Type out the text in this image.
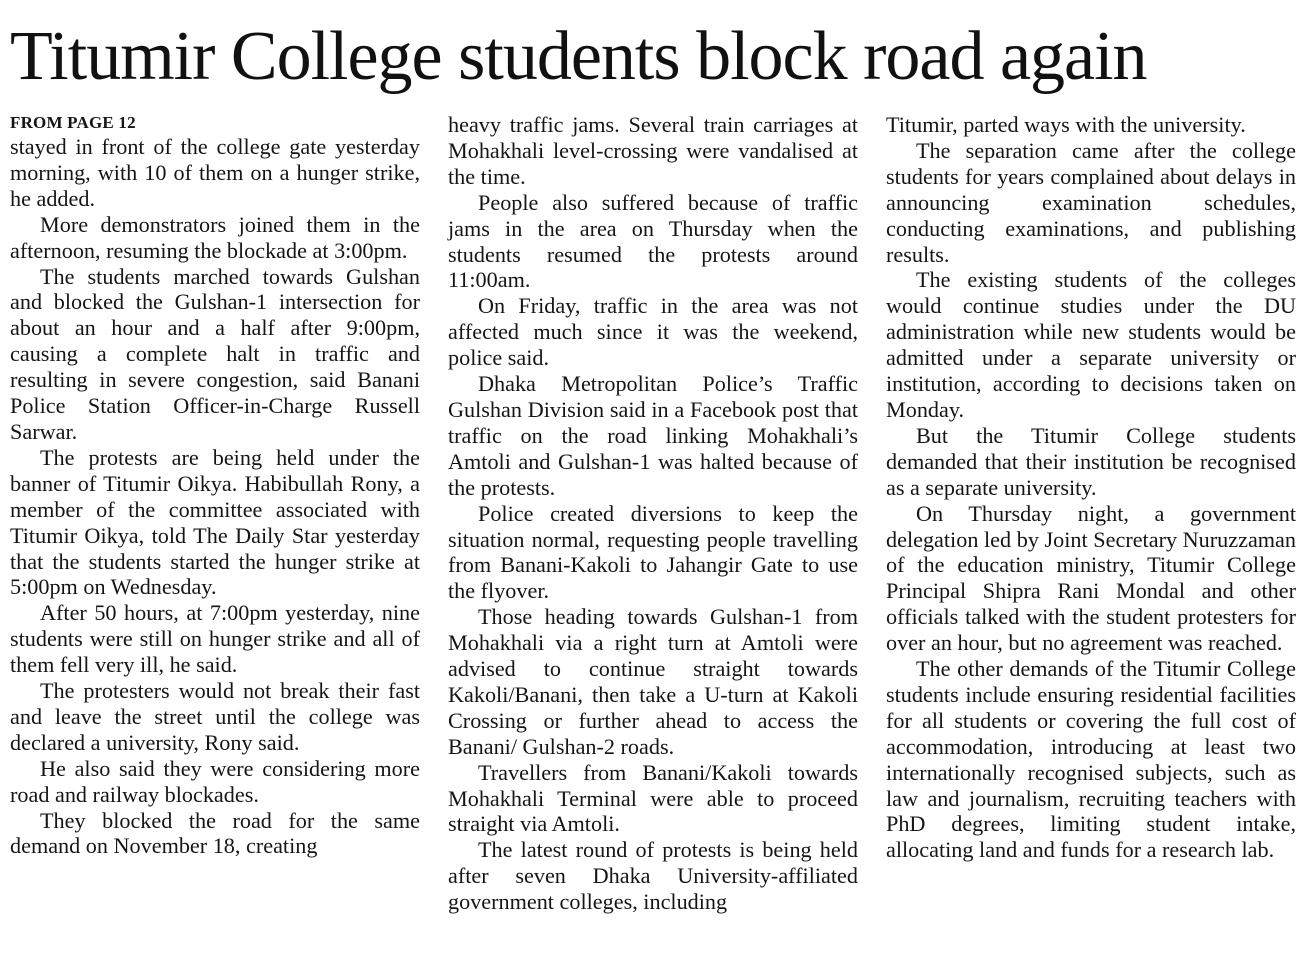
Titumir College students block road again
FROM PAGE 12

stayed in front of the college gate yesterday morning, with 10 of them on a hunger strike, he added.

More demonstrators joined them in the afternoon, resuming the blockade at 3:00pm.

The students marched towards Gulshan and blocked the Gulshan-1 intersection for about an hour and a half after 9:00pm, causing a complete halt in traffic and resulting in severe congestion, said Banani Police Station Officer-in-Charge Russell Sarwar.

The protests are being held under the banner of Titumir Oikya. Habibullah Rony, a member of the committee associated with Titumir Oikya, told The Daily Star yesterday that the students started the hunger strike at 5:00pm on Wednesday.

After 50 hours, at 7:00pm yesterday, nine students were still on hunger strike and all of them fell very ill, he said.

The protesters would not break their fast and leave the street until the college was declared a university, Rony said.

He also said they were considering more road and railway blockades.

They blocked the road for the same demand on November 18, creating

heavy traffic jams. Several train carriages at Mohakhali level-crossing were vandalised at the time.

People also suffered because of traffic jams in the area on Thursday when the students resumed the protests around 11:00am.

On Friday, traffic in the area was not affected much since it was the weekend, police said.

Dhaka Metropolitan Police’s Traffic Gulshan Division said in a Facebook post that traffic on the road linking Mohakhali’s Amtoli and Gulshan-1 was halted because of the protests.

Police created diversions to keep the situation normal, requesting people travelling from Banani-Kakoli to Jahangir Gate to use the flyover.

Those heading towards Gulshan-1 from Mohakhali via a right turn at Amtoli were advised to continue straight towards Kakoli/Banani, then take a U-turn at Kakoli Crossing or further ahead to access the Banani/ Gulshan-2 roads.

Travellers from Banani/Kakoli towards Mohakhali Terminal were able to proceed straight via Amtoli.

The latest round of protests is being held after seven Dhaka University-affiliated government colleges, including

Titumir, parted ways with the university.

The separation came after the college students for years complained about delays in announcing examination schedules, conducting examinations, and publishing results.

The existing students of the colleges would continue studies under the DU administration while new students would be admitted under a separate university or institution, according to decisions taken on Monday.

But the Titumir College students demanded that their institution be recognised as a separate university.

On Thursday night, a government delegation led by Joint Secretary Nuruzzaman of the education ministry, Titumir College Principal Shipra Rani Mondal and other officials talked with the student protesters for over an hour, but no agreement was reached.

The other demands of the Titumir College students include ensuring residential facilities for all students or covering the full cost of accommodation, introducing at least two internationally recognised subjects, such as law and journalism, recruiting teachers with PhD degrees, limiting student intake, allocating land and funds for a research lab.
